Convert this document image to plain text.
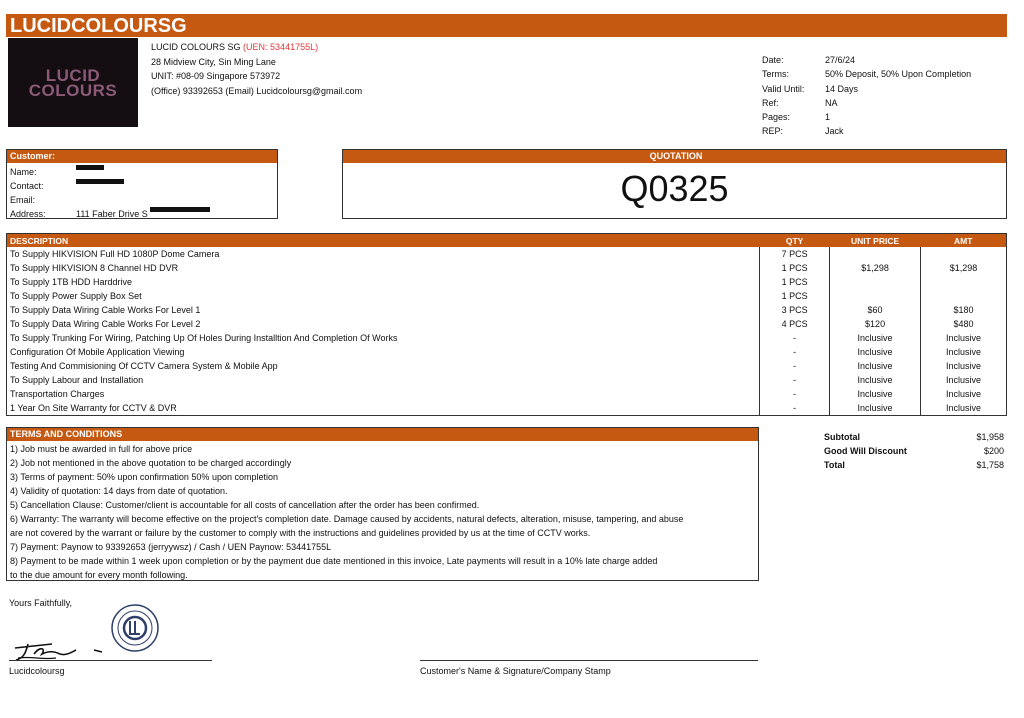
LUCIDCOLOURSG
LUCID
COLOURS
LUCID COLOURS SG (UEN: 53441755L)
28 Midview City, Sin Ming Lane
UNIT: #08-09 Singapore 573972
(Office) 93392653 (Email) Lucidcoloursg@gmail.com
Date:	27/6/24
Terms:	50% Deposit, 50% Upon Completion
Valid Until:	14 Days
Ref:	NA
Pages:	1
REP:	Jack
Customer:
Name:
Contact:
Email:
Address:	111 Faber Drive S
QUOTATION
Q0325
DESCRIPTION	QTY	UNIT PRICE	AMT
To Supply HIKVISION Full HD 1080P Dome Camera	7 PCS		
To Supply HIKVISION 8 Channel HD DVR	1 PCS	$1,298	$1,298
To Supply 1TB HDD Harddrive	1 PCS		
To Supply Power Supply Box Set	1 PCS		
To Supply Data Wiring Cable Works For Level 1	3 PCS	$60	$180
To Supply Data Wiring Cable Works For Level 2	4 PCS	$120	$480
To Supply Trunking For Wiring, Patching Up Of Holes During Installtion And Completion Of Works	-	Inclusive	Inclusive
Configuration Of Mobile Application Viewing	-	Inclusive	Inclusive
Testing And Commisioning Of CCTV Camera System & Mobile App	-	Inclusive	Inclusive
To Supply Labour and Installation	-	Inclusive	Inclusive
Transportation Charges	-	Inclusive	Inclusive
1 Year On Site Warranty for CCTV & DVR	-	Inclusive	Inclusive
TERMS AND CONDITIONS
1) Job must be awarded in full for above price
2) Job not mentioned in the above quotation to be charged accordingly
3) Terms of payment: 50% upon confirmation 50% upon completion
4) Validity of quotation: 14 days from date of quotation.
5) Cancellation Clause: Customer/client is accountable for all costs of cancellation after the order has been confirmed.
6) Warranty: The warranty will become effective on the project's completion date. Damage caused by accidents, natural defects, alteration, misuse, tampering, and abuse
are not covered by the warrant or failure by the customer to comply with the instructions and guidelines provided by us at the time of CCTV works.
7) Payment: Paynow to 93392653 (jerryywsz) / Cash / UEN Paynow: 53441755L
8) Payment to be made within 1 week upon completion or by the payment due date mentioned in this invoice, Late payments will result in a 10% late charge added
to the due amount for every month following.
Subtotal	$1,958
Good Will Discount	$200
Total	$1,758
Yours Faithfully,
Lucidcoloursg	Customer's Name & Signature/Company Stamp
